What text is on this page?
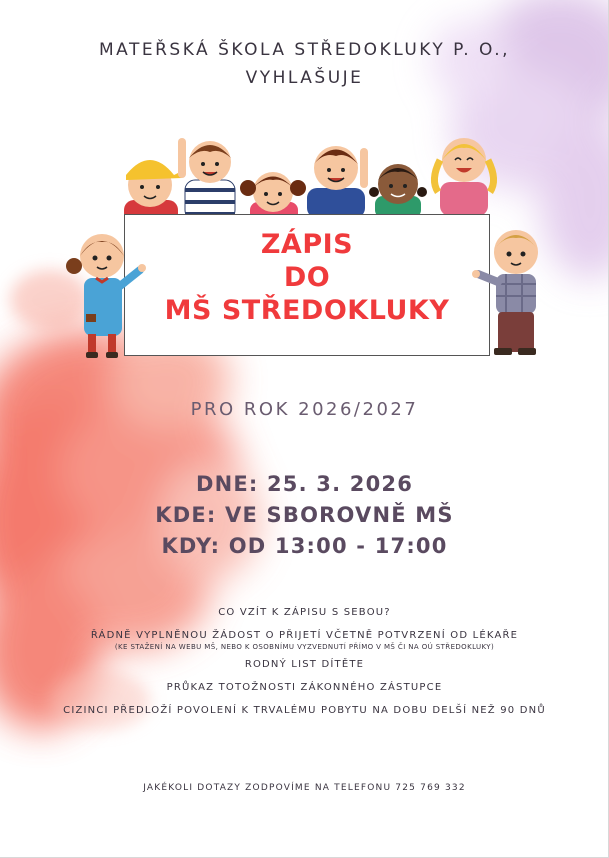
MATEŘSKÁ ŠKOLA STŘEDOKLUKY P. O.,
VYHLAŠUJE
ZÁPIS
DO
MŠ STŘEDOKLUKY
PRO ROK 2026/2027
DNE: 25. 3. 2026
KDE: VE SBOROVNĚ MŠ
KDY: OD 13:00 - 17:00
CO VZÍT K ZÁPISU S SEBOU?
ŘÁDNĚ VYPLNĚNOU ŽÁDOST O PŘIJETÍ VČETNĚ POTVRZENÍ OD LÉKAŘE
(KE STAŽENÍ NA WEBU MŠ, NEBO K OSOBNÍMU VYZVEDNUTÍ PŘÍMO V MŠ ČI NA OÚ STŘEDOKLUKY)
RODNÝ LIST DÍTĚTE
PRŮKAZ TOTOŽNOSTI ZÁKONNÉHO ZÁSTUPCE
CIZINCI PŘEDLOŽÍ POVOLENÍ K TRVALÉMU POBYTU NA DOBU DELŠÍ NEŽ 90 DNŮ
JAKÉKOLI DOTAZY ZODPOVÍME NA TELEFONU 725 769 332
